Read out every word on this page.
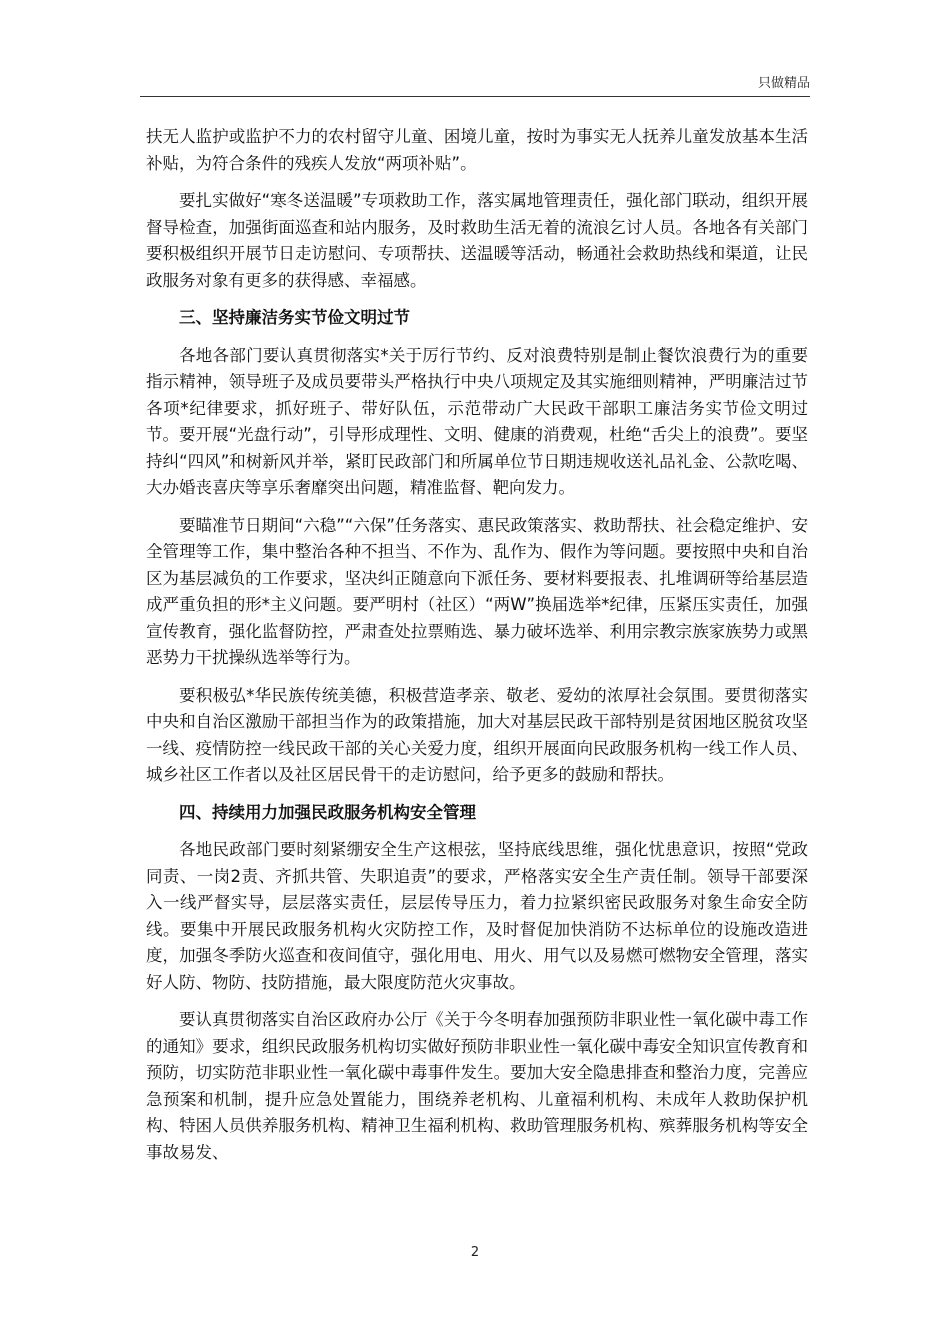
只做精品

扶无人监护或监护不力的农村留守儿童、困境儿童，按时为事实无人抚养儿童发放基本生活补贴，为符合条件的残疾人发放“两项补贴”。

要扎实做好“寒冬送温暖”专项救助工作，落实属地管理责任，强化部门联动，组织开展督导检查，加强街面巡查和站内服务，及时救助生活无着的流浪乞讨人员。各地各有关部门要积极组织开展节日走访慰问、专项帮扶、送温暖等活动，畅通社会救助热线和渠道，让民政服务对象有更多的获得感、幸福感。

三、坚持廉洁务实节俭文明过节

各地各部门要认真贯彻落实*关于厉行节约、反对浪费特别是制止餐饮浪费行为的重要指示精神，领导班子及成员要带头严格执行中央八项规定及其实施细则精神，严明廉洁过节各项*纪律要求，抓好班子、带好队伍，示范带动广大民政干部职工廉洁务实节俭文明过节。要开展“光盘行动”，引导形成理性、文明、健康的消费观，杜绝“舌尖上的浪费”。要坚持纠“四风”和树新风并举，紧盯民政部门和所属单位节日期违规收送礼品礼金、公款吃喝、大办婚丧喜庆等享乐奢靡突出问题，精准监督、靶向发力。

要瞄准节日期间“六稳”“六保”任务落实、惠民政策落实、救助帮扶、社会稳定维护、安全管理等工作，集中整治各种不担当、不作为、乱作为、假作为等问题。要按照中央和自治区为基层减负的工作要求，坚决纠正随意向下派任务、要材料要报表、扎堆调研等给基层造成严重负担的形*主义问题。要严明村（社区）“两W”换届选举*纪律，压紧压实责任，加强宣传教育，强化监督防控，严肃查处拉票贿选、暴力破坏选举、利用宗教宗族家族势力或黑恶势力干扰操纵选举等行为。

要积极弘*华民族传统美德，积极营造孝亲、敬老、爱幼的浓厚社会氛围。要贯彻落实中央和自治区激励干部担当作为的政策措施，加大对基层民政干部特别是贫困地区脱贫攻坚一线、疫情防控一线民政干部的关心关爱力度，组织开展面向民政服务机构一线工作人员、城乡社区工作者以及社区居民骨干的走访慰问，给予更多的鼓励和帮扶。

四、持续用力加强民政服务机构安全管理

各地民政部门要时刻紧绷安全生产这根弦，坚持底线思维，强化忧患意识，按照“党政同责、一岗2责、齐抓共管、失职追责”的要求，严格落实安全生产责任制。领导干部要深入一线严督实导，层层落实责任，层层传导压力，着力拉紧织密民政服务对象生命安全防线。要集中开展民政服务机构火灾防控工作，及时督促加快消防不达标单位的设施改造进度，加强冬季防火巡查和夜间值守，强化用电、用火、用气以及易燃可燃物安全管理，落实好人防、物防、技防措施，最大限度防范火灾事故。

要认真贯彻落实自治区政府办公厅《关于今冬明春加强预防非职业性一氧化碳中毒工作的通知》要求，组织民政服务机构切实做好预防非职业性一氧化碳中毒安全知识宣传教育和预防，切实防范非职业性一氧化碳中毒事件发生。要加大安全隐患排查和整治力度，完善应急预案和机制，提升应急处置能力，围绕养老机构、儿童福利机构、未成年人救助保护机构、特困人员供养服务机构、精神卫生福利机构、救助管理服务机构、殡葬服务机构等安全事故易发、

2
